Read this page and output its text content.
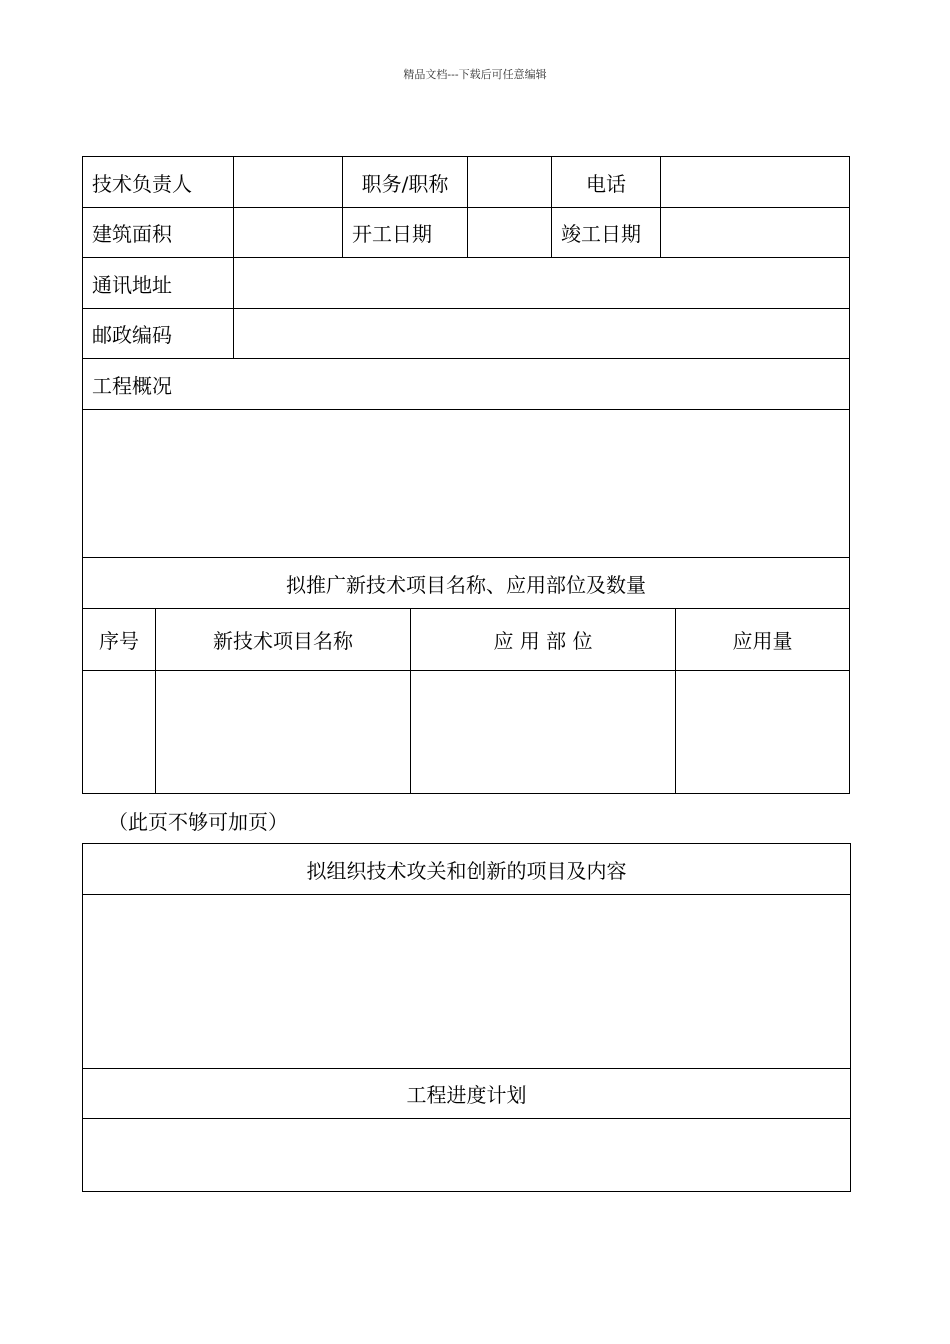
精品文档---下载后可任意编辑
技术负责人		职务/职称		电话	
建筑面积		开工日期		竣工日期	
通讯地址					
邮政编码					
工程概况					

拟推广新技术项目名称、应用部位及数量					
序号	新技术项目名称	应 用 部 位	应用量

（此页不够可加页）
拟组织技术攻关和创新的项目及内容

工程进度计划
